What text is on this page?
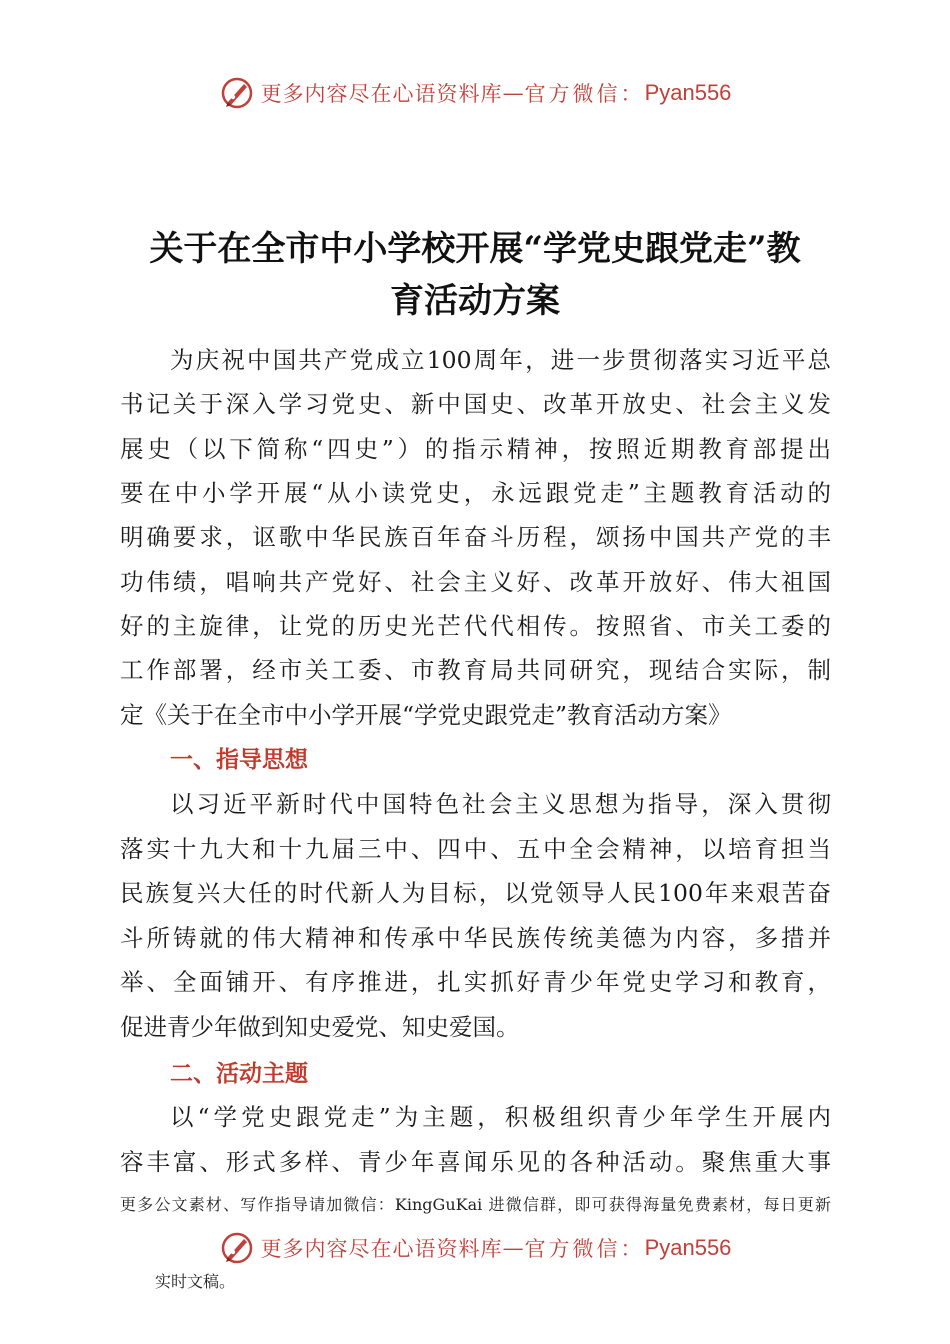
更多内容尽在心语资料库 — 官方微信： Pyan556
关于在全市中小学校开展“学党史跟党走”教
育活动方案
为庆祝中国共产党成立100周年，进一步贯彻落实习近平总
书记关于深入学习党史、新中国史、改革开放史、社会主义发
展史（以下简称“四史”）的指示精神，按照近期教育部提出
要在中小学开展“从小读党史，永远跟党走”主题教育活动的
明确要求，讴歌中华民族百年奋斗历程，颂扬中国共产党的丰
功伟绩，唱响共产党好、社会主义好、改革开放好、伟大祖国
好的主旋律，让党的历史光芒代代相传。按照省、市关工委的
工作部署，经市关工委、市教育局共同研究，现结合实际，制
定《关于在全市中小学开展“学党史跟党走”教育活动方案》
一、指导思想
以习近平新时代中国特色社会主义思想为指导，深入贯彻
落实十九大和十九届三中、四中、五中全会精神，以培育担当
民族复兴大任的时代新人为目标，以党领导人民100年来艰苦奋
斗所铸就的伟大精神和传承中华民族传统美德为内容，多措并
举、全面铺开、有序推进，扎实抓好青少年党史学习和教育，
促进青少年做到知史爱党、知史爱国。
二、活动主题
以“学党史跟党走”为主题，积极组织青少年学生开展内
容丰富、形式多样、青少年喜闻乐见的各种活动。聚焦重大事
更多公文素材、写作指导请加微信：KingGuKai 进微信群，即可获得海量免费素材，每日更新
更多内容尽在心语资料库 — 官方微信： Pyan556
实时文稿。
